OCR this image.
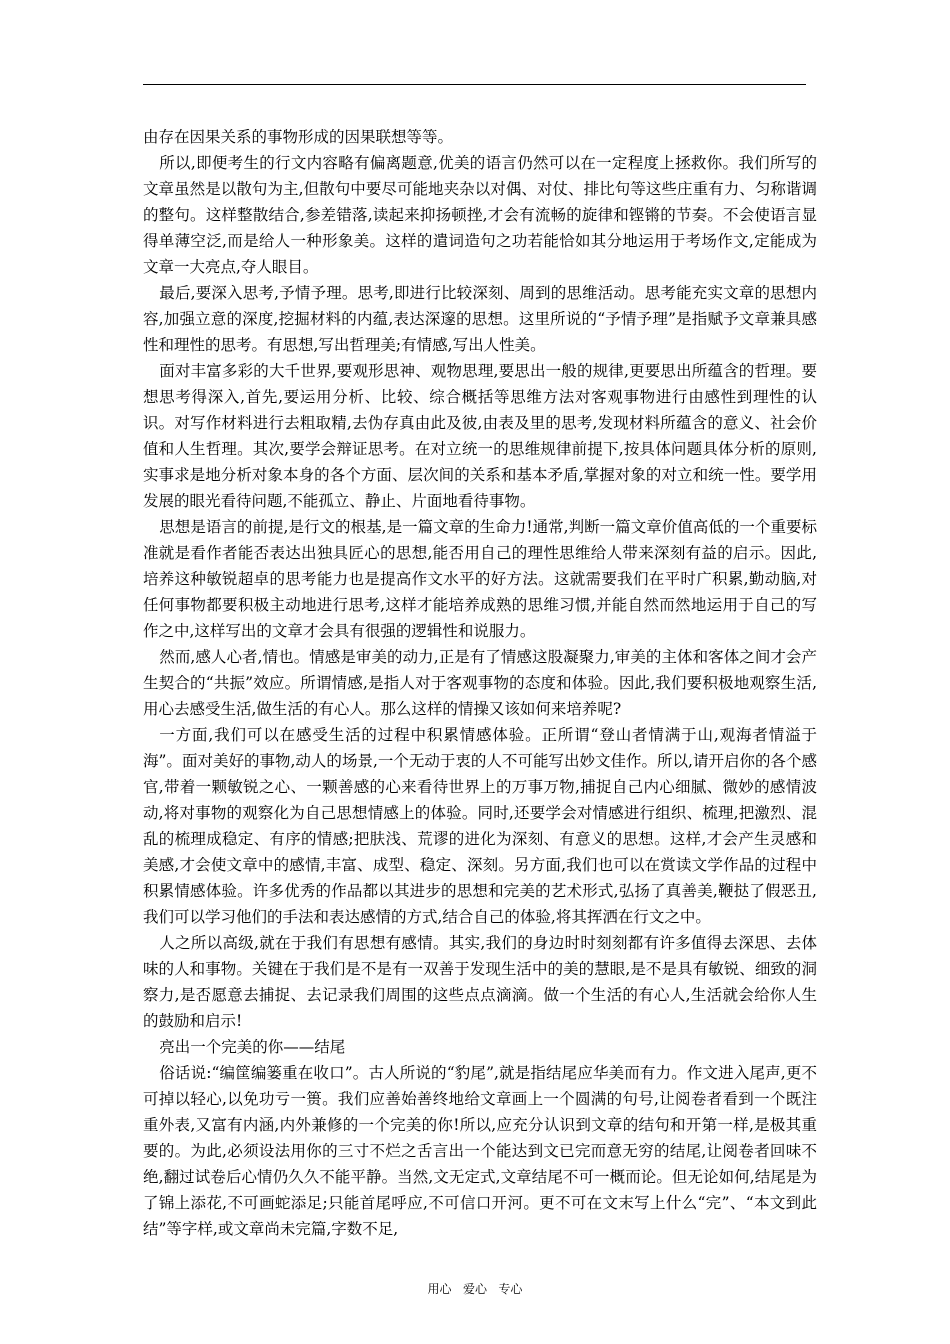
由存在因果关系的事物形成的因果联想等等。

所以,即便考生的行文内容略有偏离题意,优美的语言仍然可以在一定程度上拯救你。我们所写的文章虽然是以散句为主,但散句中要尽可能地夹杂以对偶、对仗、排比句等这些庄重有力、匀称谐调的整句。这样整散结合,参差错落,读起来抑扬顿挫,才会有流畅的旋律和铿锵的节奏。不会使语言显得单薄空泛,而是给人一种形象美。这样的遣词造句之功若能恰如其分地运用于考场作文,定能成为文章一大亮点,夺人眼目。

最后,要深入思考,予情予理。思考,即进行比较深刻、周到的思维活动。思考能充实文章的思想内容,加强立意的深度,挖掘材料的内蕴,表达深邃的思想。这里所说的“予情予理”是指赋予文章兼具感性和理性的思考。有思想,写出哲理美;有情感,写出人性美。

面对丰富多彩的大千世界,要观形思神、观物思理,要思出一般的规律,更要思出所蕴含的哲理。要想思考得深入,首先,要运用分析、比较、综合概括等思维方法对客观事物进行由感性到理性的认识。对写作材料进行去粗取精,去伪存真由此及彼,由表及里的思考,发现材料所蕴含的意义、社会价值和人生哲理。其次,要学会辩证思考。在对立统一的思维规律前提下,按具体问题具体分析的原则,实事求是地分析对象本身的各个方面、层次间的关系和基本矛盾,掌握对象的对立和统一性。要学用发展的眼光看待问题,不能孤立、静止、片面地看待事物。

思想是语言的前提,是行文的根基,是一篇文章的生命力!通常,判断一篇文章价值高低的一个重要标准就是看作者能否表达出独具匠心的思想,能否用自己的理性思维给人带来深刻有益的启示。因此,培养这种敏锐超卓的思考能力也是提高作文水平的好方法。这就需要我们在平时广积累,勤动脑,对任何事物都要积极主动地进行思考,这样才能培养成熟的思维习惯,并能自然而然地运用于自己的写作之中,这样写出的文章才会具有很强的逻辑性和说服力。

然而,感人心者,情也。情感是审美的动力,正是有了情感这股凝聚力,审美的主体和客体之间才会产生契合的“共振”效应。所谓情感,是指人对于客观事物的态度和体验。因此,我们要积极地观察生活,用心去感受生活,做生活的有心人。那么这样的情操又该如何来培养呢?

一方面,我们可以在感受生活的过程中积累情感体验。正所谓“登山者情满于山,观海者情溢于海”。面对美好的事物,动人的场景,一个无动于衷的人不可能写出妙文佳作。所以,请开启你的各个感官,带着一颗敏锐之心、一颗善感的心来看待世界上的万事万物,捕捉自己内心细腻、微妙的感情波动,将对事物的观察化为自己思想情感上的体验。同时,还要学会对情感进行组织、梳理,把激烈、混乱的梳理成稳定、有序的情感;把肤浅、荒谬的进化为深刻、有意义的思想。这样,才会产生灵感和美感,才会使文章中的感情,丰富、成型、稳定、深刻。另方面,我们也可以在赏读文学作品的过程中积累情感体验。许多优秀的作品都以其进步的思想和完美的艺术形式,弘扬了真善美,鞭挞了假恶丑,我们可以学习他们的手法和表达感情的方式,结合自己的体验,将其挥洒在行文之中。

人之所以高级,就在于我们有思想有感情。其实,我们的身边时时刻刻都有许多值得去深思、去体味的人和事物。关键在于我们是不是有一双善于发现生活中的美的慧眼,是不是具有敏锐、细致的洞察力,是否愿意去捕捉、去记录我们周围的这些点点滴滴。做一个生活的有心人,生活就会给你人生的鼓励和启示!

亮出一个完美的你——结尾

俗话说:“编筐编篓重在收口”。古人所说的“豹尾”,就是指结尾应华美而有力。作文进入尾声,更不可掉以轻心,以免功亏一篑。我们应善始善终地给文章画上一个圆满的句号,让阅卷者看到一个既注重外表,又富有内涵,内外兼修的一个完美的你!所以,应充分认识到文章的结句和开第一样,是极其重要的。为此,必须设法用你的三寸不烂之舌言出一个能达到文已完而意无穷的结尾,让阅卷者回味不绝,翻过试卷后心情仍久久不能平静。当然,文无定式,文章结尾不可一概而论。但无论如何,结尾是为了锦上添花,不可画蛇添足;只能首尾呼应,不可信口开河。更不可在文末写上什么“完”、“本文到此结”等字样,或文章尚未完篇,字数不足,

用心   爱心   专心
